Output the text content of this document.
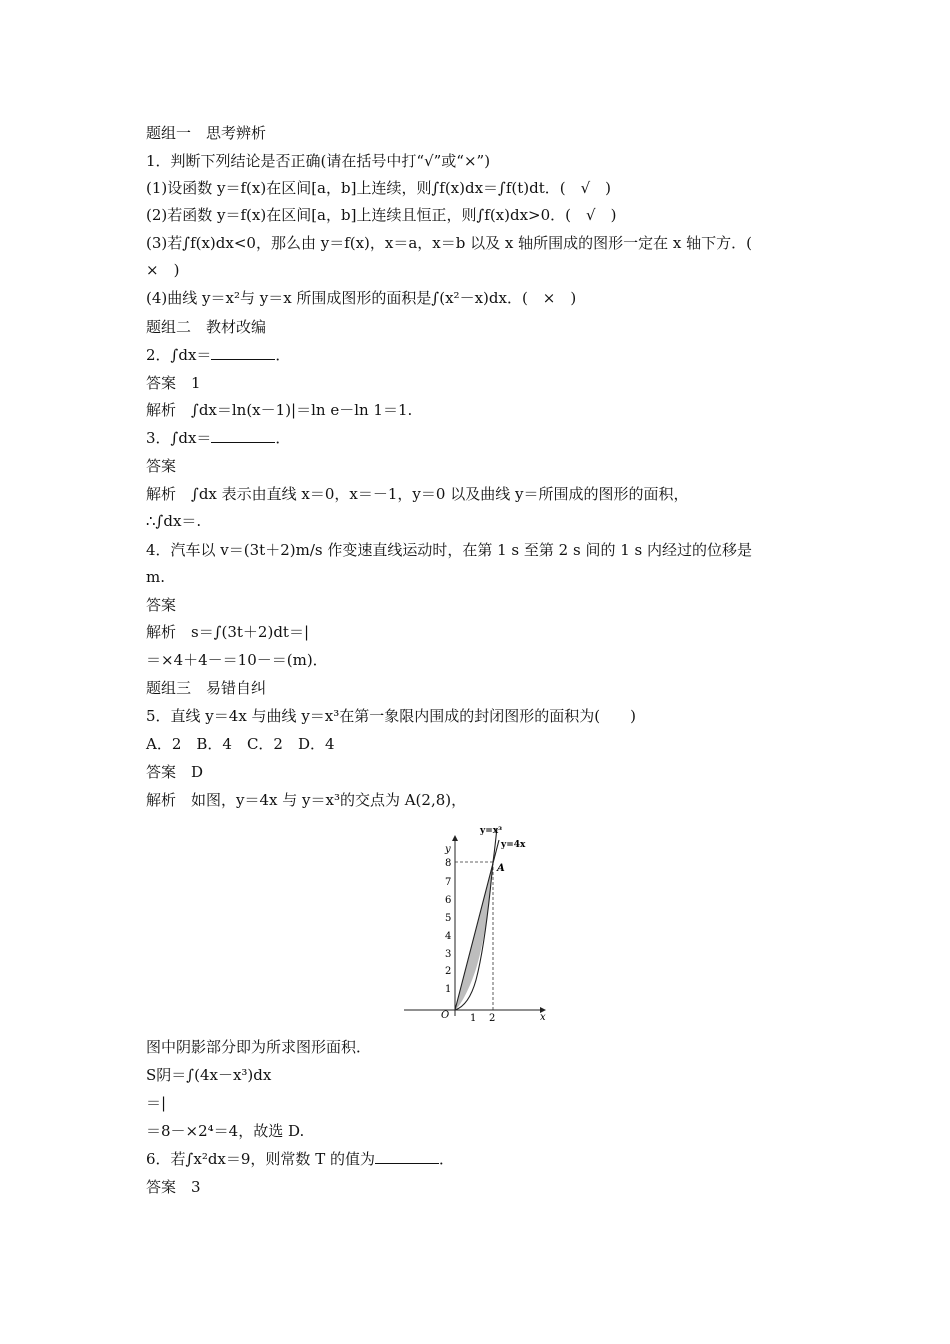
题组一　思考辨析
1．判断下列结论是否正确(请在括号中打“√”或“×”)
(1)设函数 y＝f(x)在区间[a，b]上连续，则∫f(x)dx＝∫f(t)dt．(　√　)
(2)若函数 y＝f(x)在区间[a，b]上连续且恒正，则∫f(x)dx>0．(　√　)
(3)若∫f(x)dx<0，那么由 y＝f(x)，x＝a，x＝b 以及 x 轴所围成的图形一定在 x 轴下方．(
×　)
(4)曲线 y＝x²与 y＝x 所围成图形的面积是∫(x²－x)dx．(　×　)
题组二　教材改编
2．∫dx＝	．
答案　1
解析　∫dx＝ln(x－1)|＝ln e－ln 1＝1.
3．∫dx＝	．
答案
解析　∫dx 表示由直线 x＝0，x＝－1，y＝0 以及曲线 y＝所围成的图形的面积，
∴∫dx＝.
4．汽车以 v＝(3t＋2)m/s 作变速直线运动时，在第 1 s 至第 2 s 间的 1 s 内经过的位移是
m.
答案
解析　s＝∫(3t＋2)dt＝|
＝×4＋4－＝10－＝(m)．
题组三　易错自纠
5．直线 y＝4x 与曲线 y＝x³在第一象限内围成的封闭图形的面积为(　　)
A．2　B．4　C．2　D．4
答案　D
解析　如图，y＝4x 与 y＝x³的交点为 A(2,8)，
y=x³
y=4x
A
y
x
O
1
2
3
4
5
6
7
8
1 2
图中阴影部分即为所求图形面积．
S阴＝∫(4x－x³)dx
＝|
＝8－×2⁴＝4，故选 D.
6．若∫x²dx＝9，则常数 T 的值为	．
答案　3
